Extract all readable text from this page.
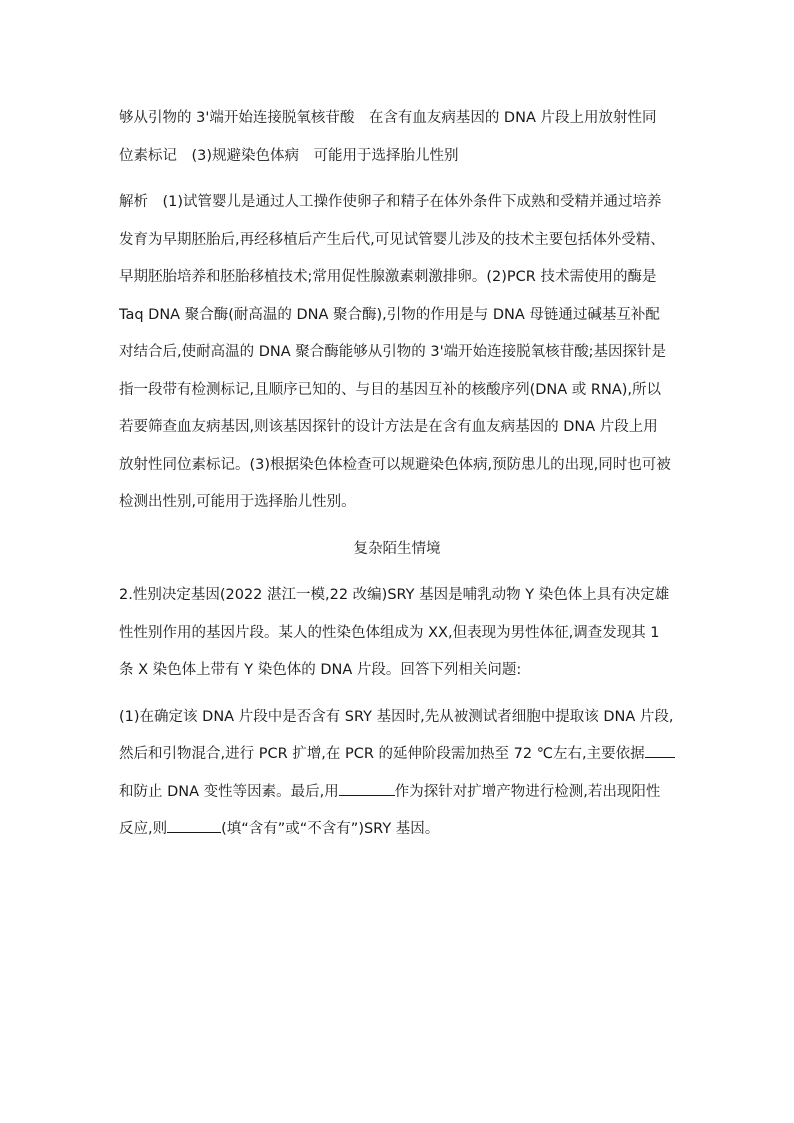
够从引物的 3'端开始连接脱氧核苷酸　在含有血友病基因的 DNA 片段上用放射性同
位素标记　(3)规避染色体病　可能用于选择胎儿性别
解析　(1)试管婴儿是通过人工操作使卵子和精子在体外条件下成熟和受精并通过培养
发育为早期胚胎后,再经移植后产生后代,可见试管婴儿涉及的技术主要包括体外受精、
早期胚胎培养和胚胎移植技术;常用促性腺激素刺激排卵。(2)PCR 技术需使用的酶是
Taq DNA 聚合酶(耐高温的 DNA 聚合酶),引物的作用是与 DNA 母链通过碱基互补配
对结合后,使耐高温的 DNA 聚合酶能够从引物的 3'端开始连接脱氧核苷酸;基因探针是
指一段带有检测标记,且顺序已知的、与目的基因互补的核酸序列(DNA 或 RNA),所以
若要筛查血友病基因,则该基因探针的设计方法是在含有血友病基因的 DNA 片段上用
放射性同位素标记。(3)根据染色体检查可以规避染色体病,预防患儿的出现,同时也可被
检测出性别,可能用于选择胎儿性别。
复杂陌生情境
2.性别决定基因(2022 湛江一模,22 改编)SRY 基因是哺乳动物 Y 染色体上具有决定雄
性性别作用的基因片段。某人的性染色体组成为 XX,但表现为男性体征,调查发现其 1
条 X 染色体上带有 Y 染色体的 DNA 片段。回答下列相关问题:
(1)在确定该 DNA 片段中是否含有 SRY 基因时,先从被测试者细胞中提取该 DNA 片段,
然后和引物混合,进行 PCR 扩增,在 PCR 的延伸阶段需加热至 72 ℃左右,主要依据
和防止 DNA 变性等因素。最后,用	作为探针对扩增产物进行检测,若出现阳性
反应,则	(填“含有”或“不含有”)SRY 基因。
